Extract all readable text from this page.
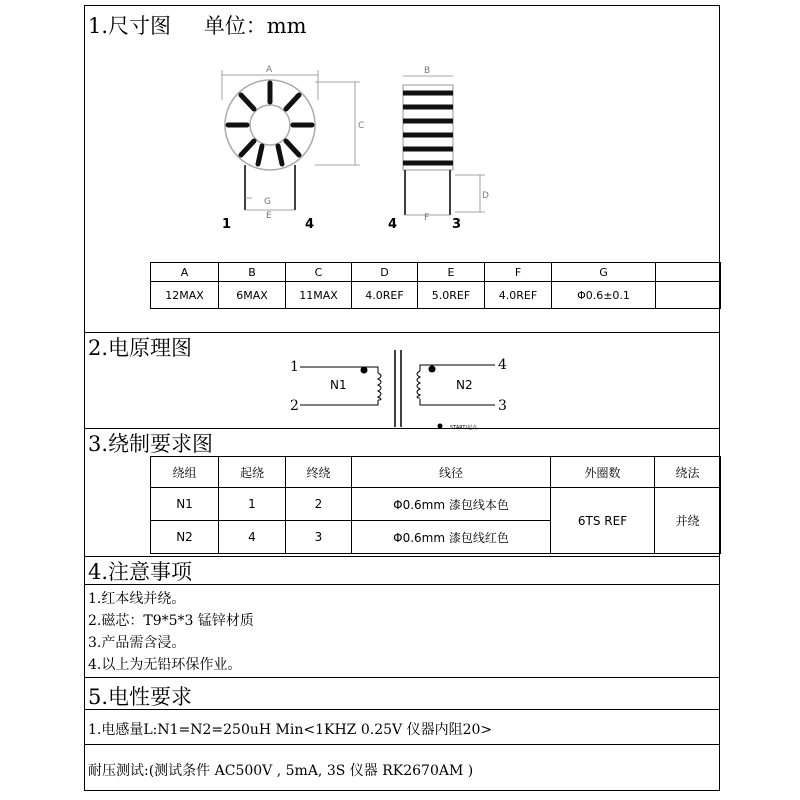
1.尺寸图 单位：mm
A	B
C
D
E	F
G
1	4	4	3
A	B	C	D	E	F	G	
12MAX	6MAX	11MAX	4.0REF	5.0REF	4.0REF	Φ0.6±0.1	
2.电原理图
1
2
4
3
N1	N2
START/起点
3.绕制要求图
绕组	起绕	终绕	线径	外圈数	绕法
N1	1	2	Φ0.6mm 漆包线本色	6TS REF	并绕
N2	4	3	Φ0.6mm 漆包线红色		
4.注意事项
1.红本线并绕。
2.磁芯：T9*5*3 锰锌材质
3.产品需含浸。
4.以上为无铅环保作业。
5.电性要求
1.电感量L:N1=N2=250uH Min<1KHZ 0.25V 仪器内阻20>
耐压测试:(测试条件 AC500V , 5mA, 3S 仪器 RK2670AM )
